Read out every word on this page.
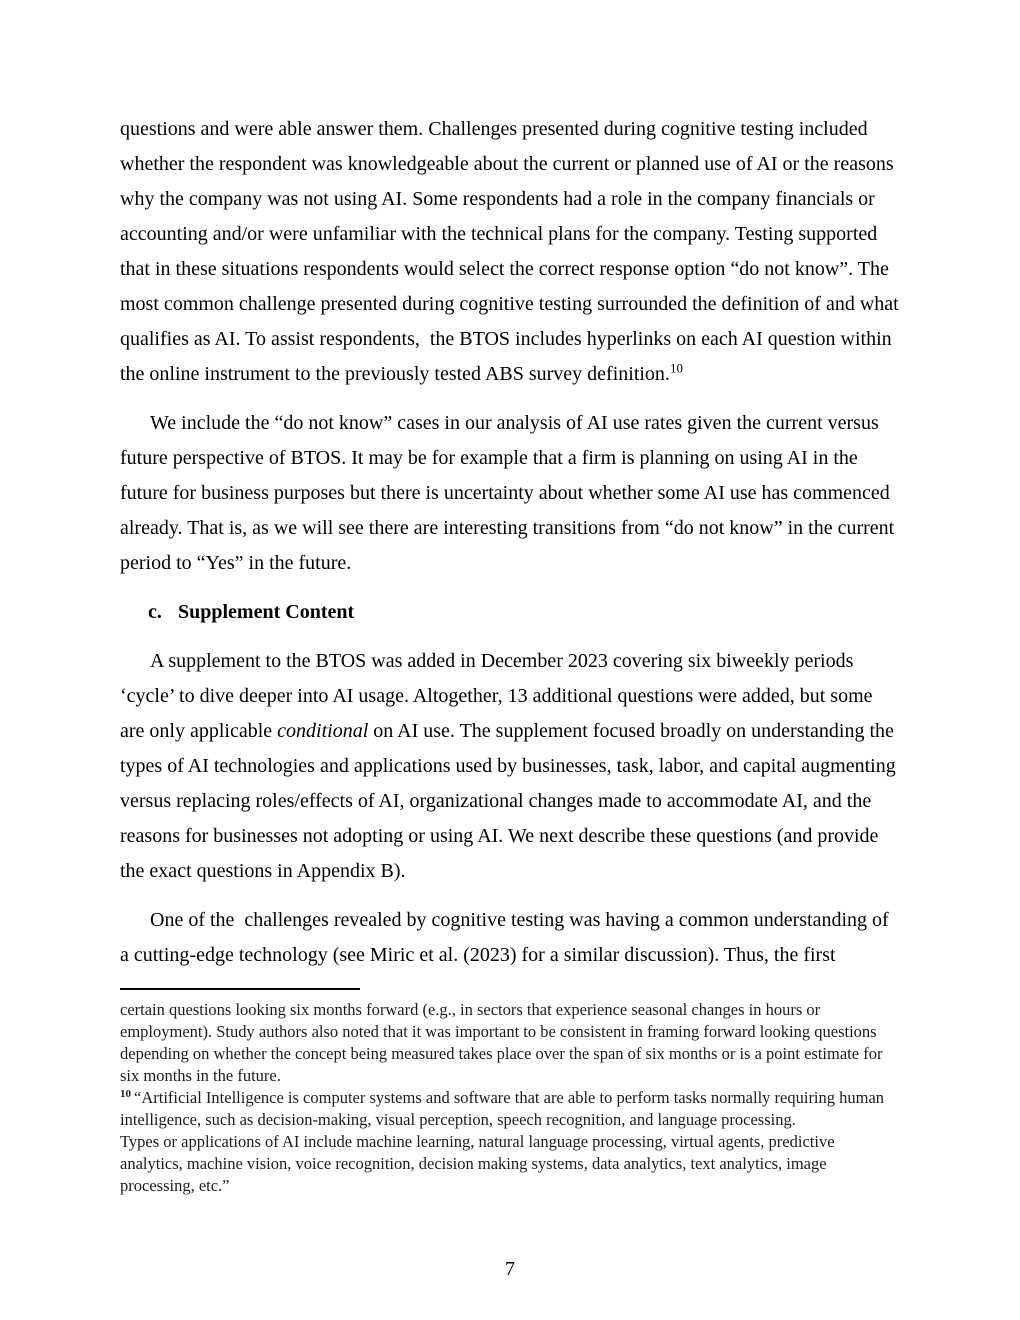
questions and were able answer them. Challenges presented during cognitive testing included whether the respondent was knowledgeable about the current or planned use of AI or the reasons why the company was not using AI. Some respondents had a role in the company financials or accounting and/or were unfamiliar with the technical plans for the company. Testing supported that in these situations respondents would select the correct response option “do not know”. The most common challenge presented during cognitive testing surrounded the definition of and what qualifies as AI. To assist respondents,  the BTOS includes hyperlinks on each AI question within the online instrument to the previously tested ABS survey definition.$^{10}$

We include the “do not know” cases in our analysis of AI use rates given the current versus future perspective of BTOS. It may be for example that a firm is planning on using AI in the future for business purposes but there is uncertainty about whether some AI use has commenced already. That is, as we will see there are interesting transitions from “do not know” in the current period to “Yes” in the future.

c. Supplement Content

A supplement to the BTOS was added in December 2023 covering six biweekly periods ‘cycle’ to dive deeper into AI usage. Altogether, 13 additional questions were added, but some are only applicable conditional on AI use. The supplement focused broadly on understanding the types of AI technologies and applications used by businesses, task, labor, and capital augmenting versus replacing roles/effects of AI, organizational changes made to accommodate AI, and the reasons for businesses not adopting or using AI. We next describe these questions (and provide the exact questions in Appendix B).

One of the  challenges revealed by cognitive testing was having a common understanding of a cutting-edge technology (see Miric et al. (2023) for a similar discussion). Thus, the first

certain questions looking six months forward (e.g., in sectors that experience seasonal changes in hours or employment). Study authors also noted that it was important to be consistent in framing forward looking questions depending on whether the concept being measured takes place over the span of six months or is a point estimate for six months in the future.

$^{10}$ “Artificial Intelligence is computer systems and software that are able to perform tasks normally requiring human intelligence, such as decision-making, visual perception, speech recognition, and language processing.
Types or applications of AI include machine learning, natural language processing, virtual agents, predictive analytics, machine vision, voice recognition, decision making systems, data analytics, text analytics, image processing, etc.”

7
